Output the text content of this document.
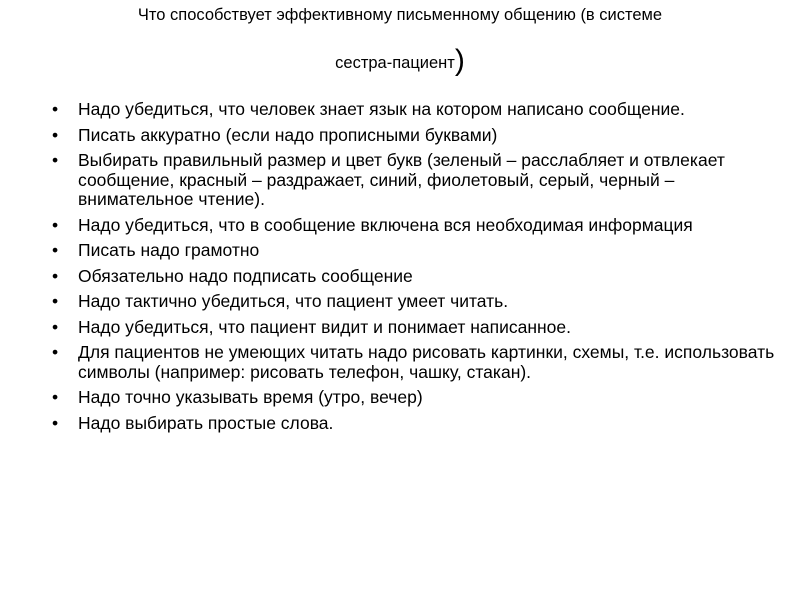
Что способствует эффективному письменному общению (в системе
сестра-пациент)
• Надо убедиться, что человек знает язык на котором написано сообщение.
• Писать аккуратно (если надо прописными буквами)
• Выбирать правильный размер и цвет букв (зеленый – расслабляет и отвлекает сообщение, красный – раздражает, синий, фиолетовый, серый, черный – внимательное чтение).
• Надо убедиться, что в сообщение включена вся необходимая информация
• Писать надо грамотно
• Обязательно надо подписать сообщение
• Надо тактично убедиться, что пациент умеет читать.
• Надо убедиться, что пациент видит и понимает написанное.
• Для пациентов не умеющих читать надо рисовать картинки, схемы, т.е. использовать символы (например: рисовать телефон, чашку, стакан).
• Надо точно указывать время (утро, вечер)
• Надо выбирать простые слова.
